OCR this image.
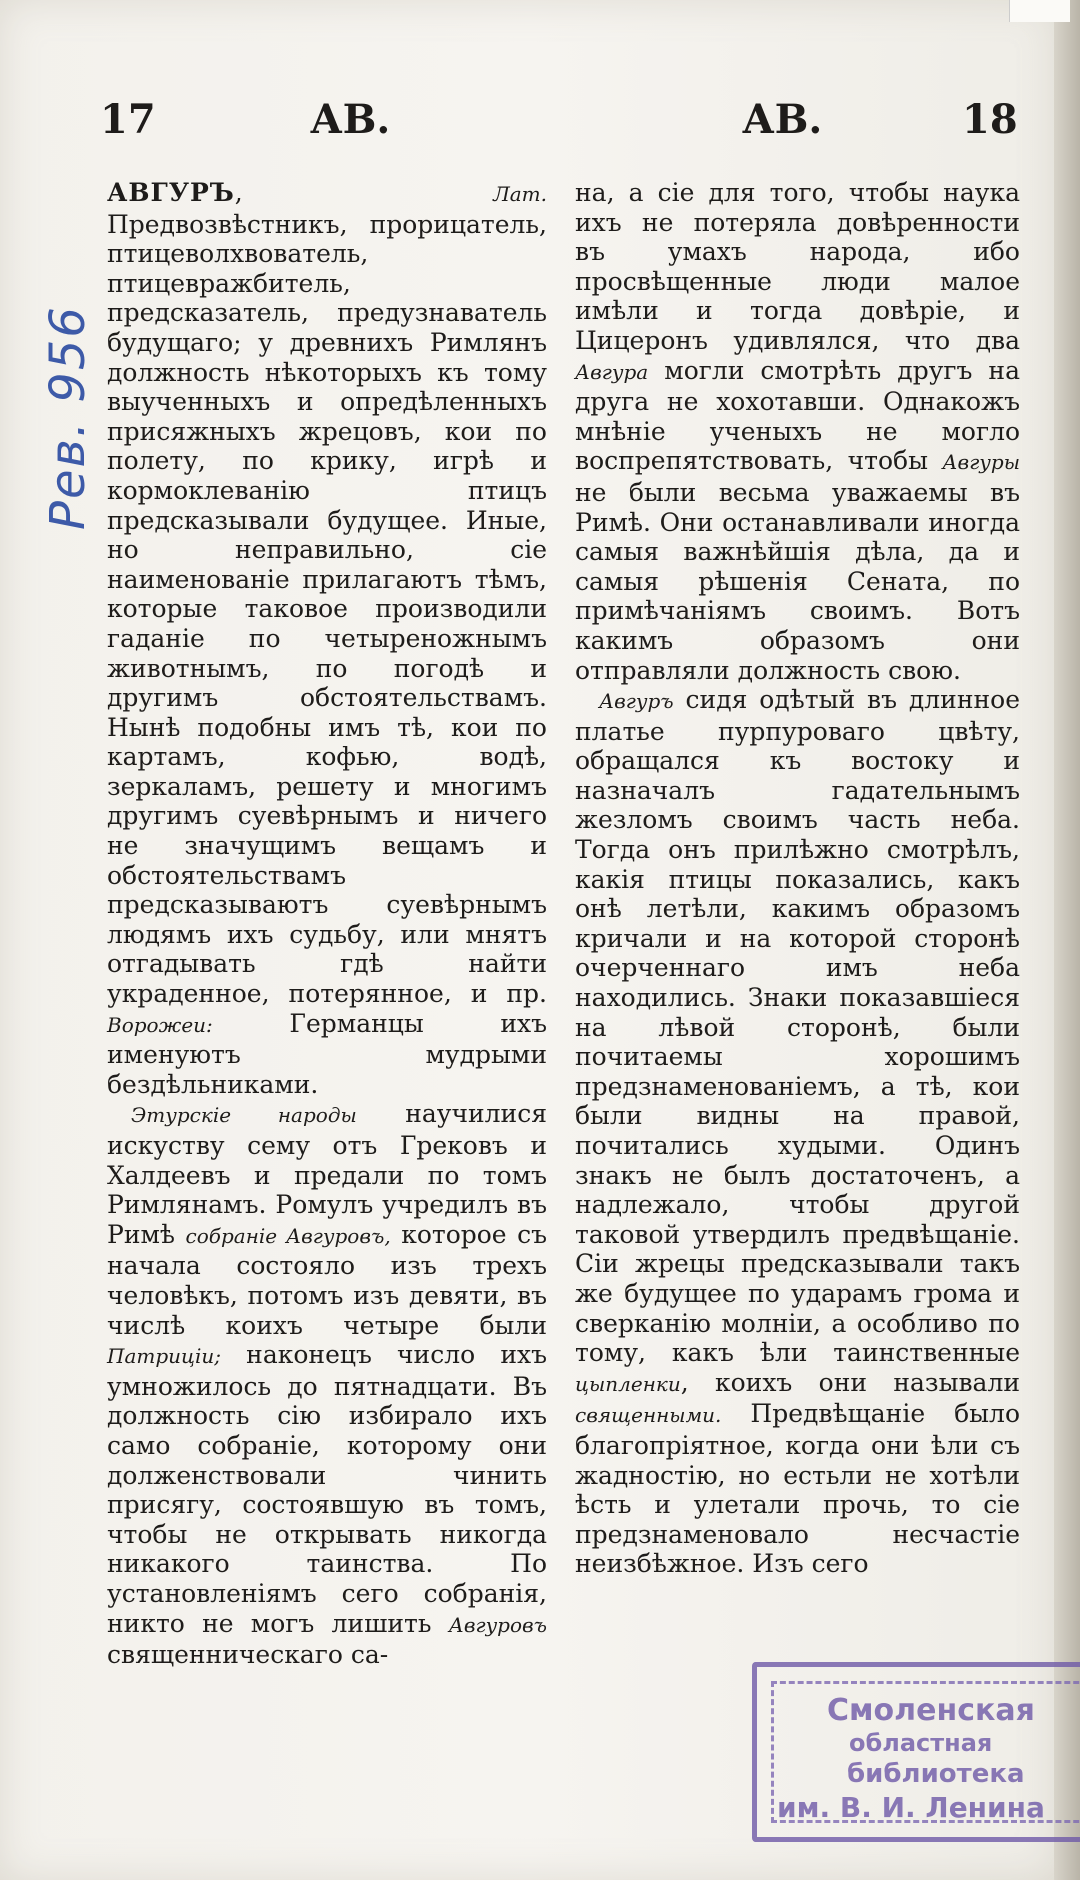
17	АВ.	АВ.	18
Рев. 956

АВГУРЪ, Лат. Предвозвѣстникъ, прорицатель, птицеволхвователь, птицевражбитель, предсказатель, предузнаватель будущаго; у древнихъ Римлянъ должность нѣкоторыхъ къ тому выученныхъ и опредѣленныхъ присяжныхъ жрецовъ, кои по полету, по крику, игрѣ и кормоклеванію птицъ предсказывали будущее. Иные, но неправильно, сіе наименованіе прилагаютъ тѣмъ, которые таковое производили гаданіе по четыреножнымъ животнымъ, по погодѣ и другимъ обстоятельствамъ. Нынѣ подобны имъ тѣ, кои по картамъ, кофью, водѣ, зеркаламъ, решету и многимъ другимъ суевѣрнымъ и ничего не значущимъ вещамъ и обстоятельствамъ предсказываютъ суевѣрнымъ людямъ ихъ судьбу, или мнятъ отгадывать гдѣ найти украденное, потерянное, и пр. Ворожеи:	Германцы ихъ именуютъ мудрыми бездѣльниками.

Этурскіе народы научилися искуству сему отъ Грековъ и Халдеевъ и предали по томъ Римлянамъ. Ромулъ учредилъ въ Римѣ собраніе Авгуровъ, которое съ начала состояло изъ трехъ человѣкъ, потомъ изъ девяти, въ числѣ коихъ четыре были Патриціи; наконецъ число ихъ умножилось до пятнадцати. Въ должность сію избирало ихъ само собраніе, которому они долженствовали чинить присягу, состоявшую въ томъ, чтобы не открывать никогда никакого таинства. По установленіямъ сего собранія, никто не могъ лишить Авгуровъ священническаго са-

на, а сіе для того, чтобы наука ихъ не потеряла довѣренности въ умахъ народа, ибо просвѣщенные люди малое имѣли и тогда довѣріе, и Цицеронъ удивлялся, что два Авгура могли смотрѣть другъ на друга не хохотавши. Однакожъ мнѣніе ученыхъ не могло воспрепятствовать, чтобы Авгуры не были весьма уважаемы въ Римѣ. Они останавливали иногда самыя важнѣйшія дѣла, да и самыя рѣшенія Сената, по примѣчаніямъ своимъ. Вотъ какимъ образомъ они отправляли должность свою.

Авгуръ сидя одѣтый въ длинное платье пурпуроваго цвѣту, обращался къ востоку и назначалъ гадательнымъ жезломъ своимъ часть неба. Тогда онъ прилѣжно смотрѣлъ, какія птицы показались, какъ онѣ летѣли, какимъ образомъ кричали и на которой сторонѣ очерченнаго имъ неба находились. Знаки показавшіеся на лѣвой сторонѣ, были почитаемы хорошимъ предзнаменованіемъ, а тѣ, кои были видны на правой, почитались худыми. Одинъ знакъ не былъ достаточенъ, а надлежало, чтобы другой таковой утвердилъ предвѣщаніе. Сіи жрецы предсказывали такъ же будущее по ударамъ грома и сверканію молніи, а особливо по тому, какъ ѣли таинственные цыпленки, коихъ они называли священными. Предвѣщаніе было благопріятное, когда они ѣли съ жадностію, но естьли не хотѣли ѣсть и улетали прочь, то сіе предзнаменовало несчастіе неизбѣжное. Изъ сего

Смоленская
областная
библиотека
им. В. И. Ленина
